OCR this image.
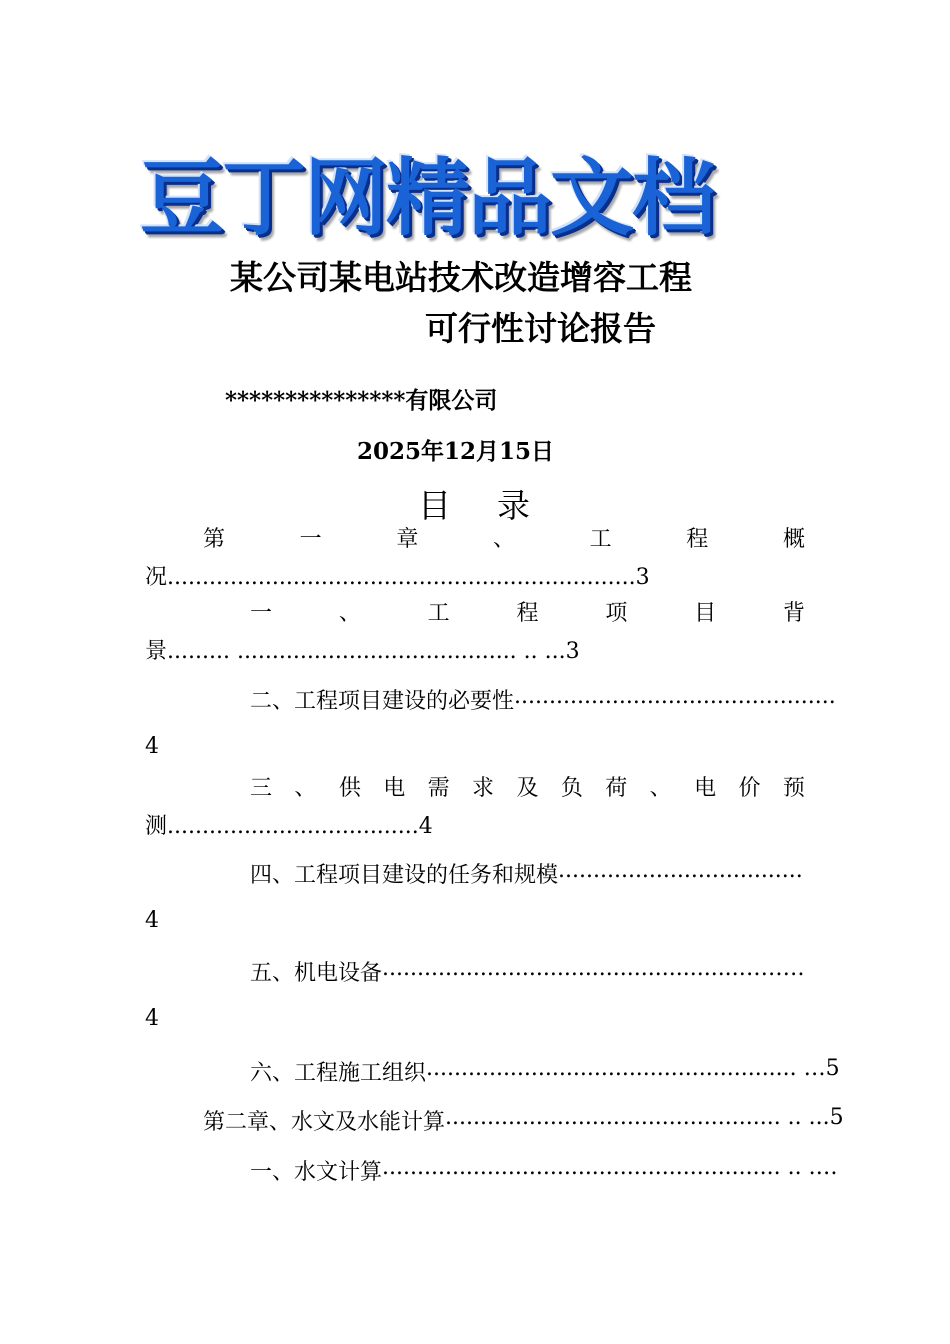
豆丁网精品文档
某公司某电站技术改造增容工程
可行性讨论报告
***************有限公司
2025年12月15日
目录
第	一	章	、	工	程	概
况...................................................................3
一	、	工	程	项	目	背
景......... ........................................ .. ...3
二、工程项目建设的必要性 ..............................................
4
三 、 供 电 需 求 及 负 荷 、 电 价 预
测....................................4
四、工程项目建设的任务和规模 ...................................
4
五、机电设备 ...................................................………
4
六、工程施工组织 ..................................................... … 5
第二章、水文及水能计算 ................................................ .. ... 5
一、水文计算 ......................................................... .. .…
